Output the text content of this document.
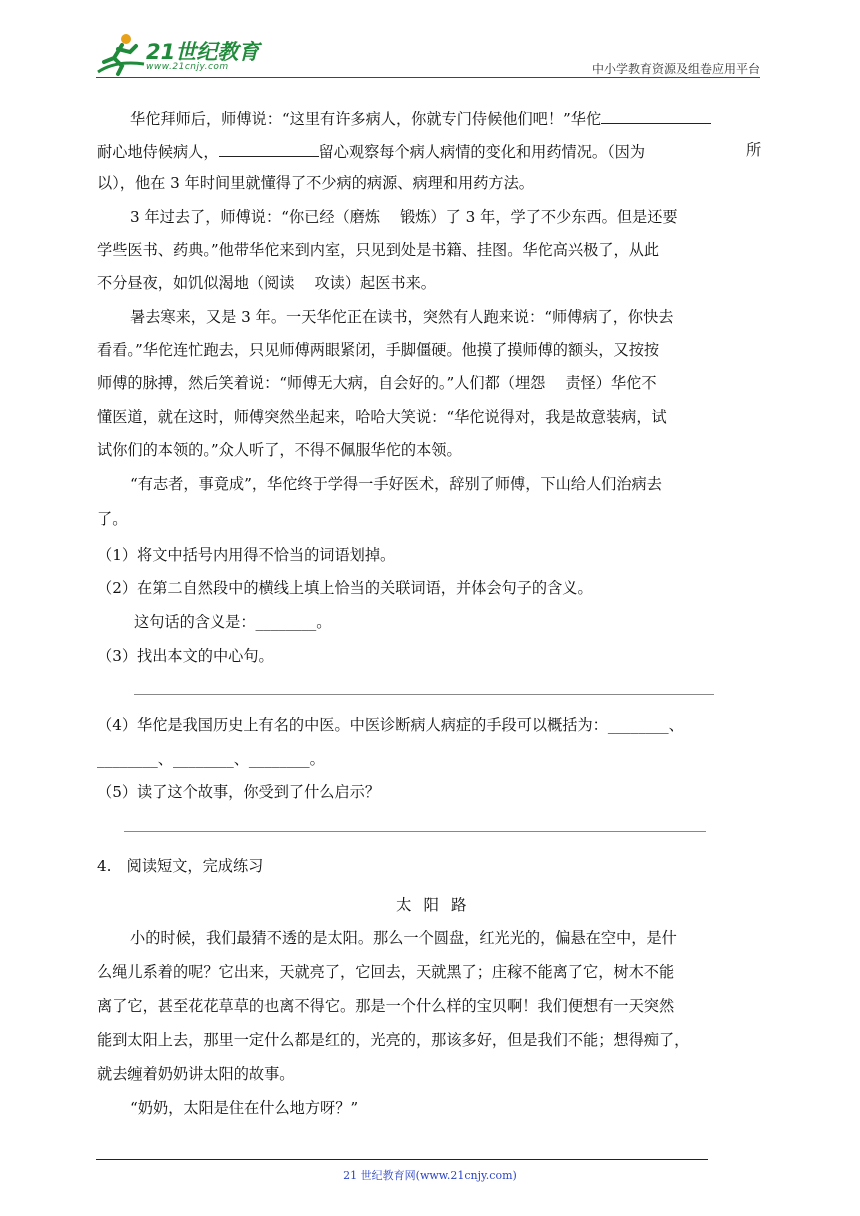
21世纪教育
www.21cnjy.com	中小学教育资源及组卷应用平台
华佗拜师后，师傅说：“这里有许多病人，你就专门侍候他们吧！”华佗
耐心地侍候病人，	留心观察每个病人病情的变化和用药情况。（因为	所
以），他在 3 年时间里就懂得了不少病的病源、病理和用药方法。
3 年过去了，师傅说：“你已经（磨炼　 锻炼）了 3 年，学了不少东西。但是还要
学些医书、药典。”他带华佗来到内室，只见到处是书籍、挂图。华佗高兴极了，从此
不分昼夜，如饥似渴地（阅读　 攻读）起医书来。
暑去寒来，又是 3 年。一天华佗正在读书，突然有人跑来说：“师傅病了，你快去
看看。”华佗连忙跑去，只见师傅两眼紧闭，手脚僵硬。他摸了摸师傅的额头，又按按
师傅的脉搏，然后笑着说：“师傅无大病，自会好的。”人们都（埋怨　 责怪）华佗不
懂医道，就在这时，师傅突然坐起来，哈哈大笑说：“华佗说得对，我是故意装病，试
试你们的本领的。”众人听了，不得不佩服华佗的本领。
“有志者，事竟成”，华佗终于学得一手好医术，辞别了师傅，下山给人们治病去
了。
（1）将文中括号内用得不恰当的词语划掉。
（2）在第二自然段中的横线上填上恰当的关联词语，并体会句子的含义。
这句话的含义是：________。
（3）找出本文的中心句。
（4）华佗是我国历史上有名的中医。中医诊断病人病症的手段可以概括为：________、
________、________、________。
（5）读了这个故事，你受到了什么启示？
4.　阅读短文，完成练习
太阳路
小的时候，我们最猜不透的是太阳。那么一个圆盘，红光光的，偏悬在空中，是什
么绳儿系着的呢？它出来，天就亮了，它回去，天就黑了；庄稼不能离了它，树木不能
离了它，甚至花花草草的也离不得它。那是一个什么样的宝贝啊！我们便想有一天突然
能到太阳上去，那里一定什么都是红的，光亮的，那该多好，但是我们不能；想得痴了，
就去缠着奶奶讲太阳的故事。
“奶奶，太阳是住在什么地方呀？”
21 世纪教育网(www.21cnjy.com)
